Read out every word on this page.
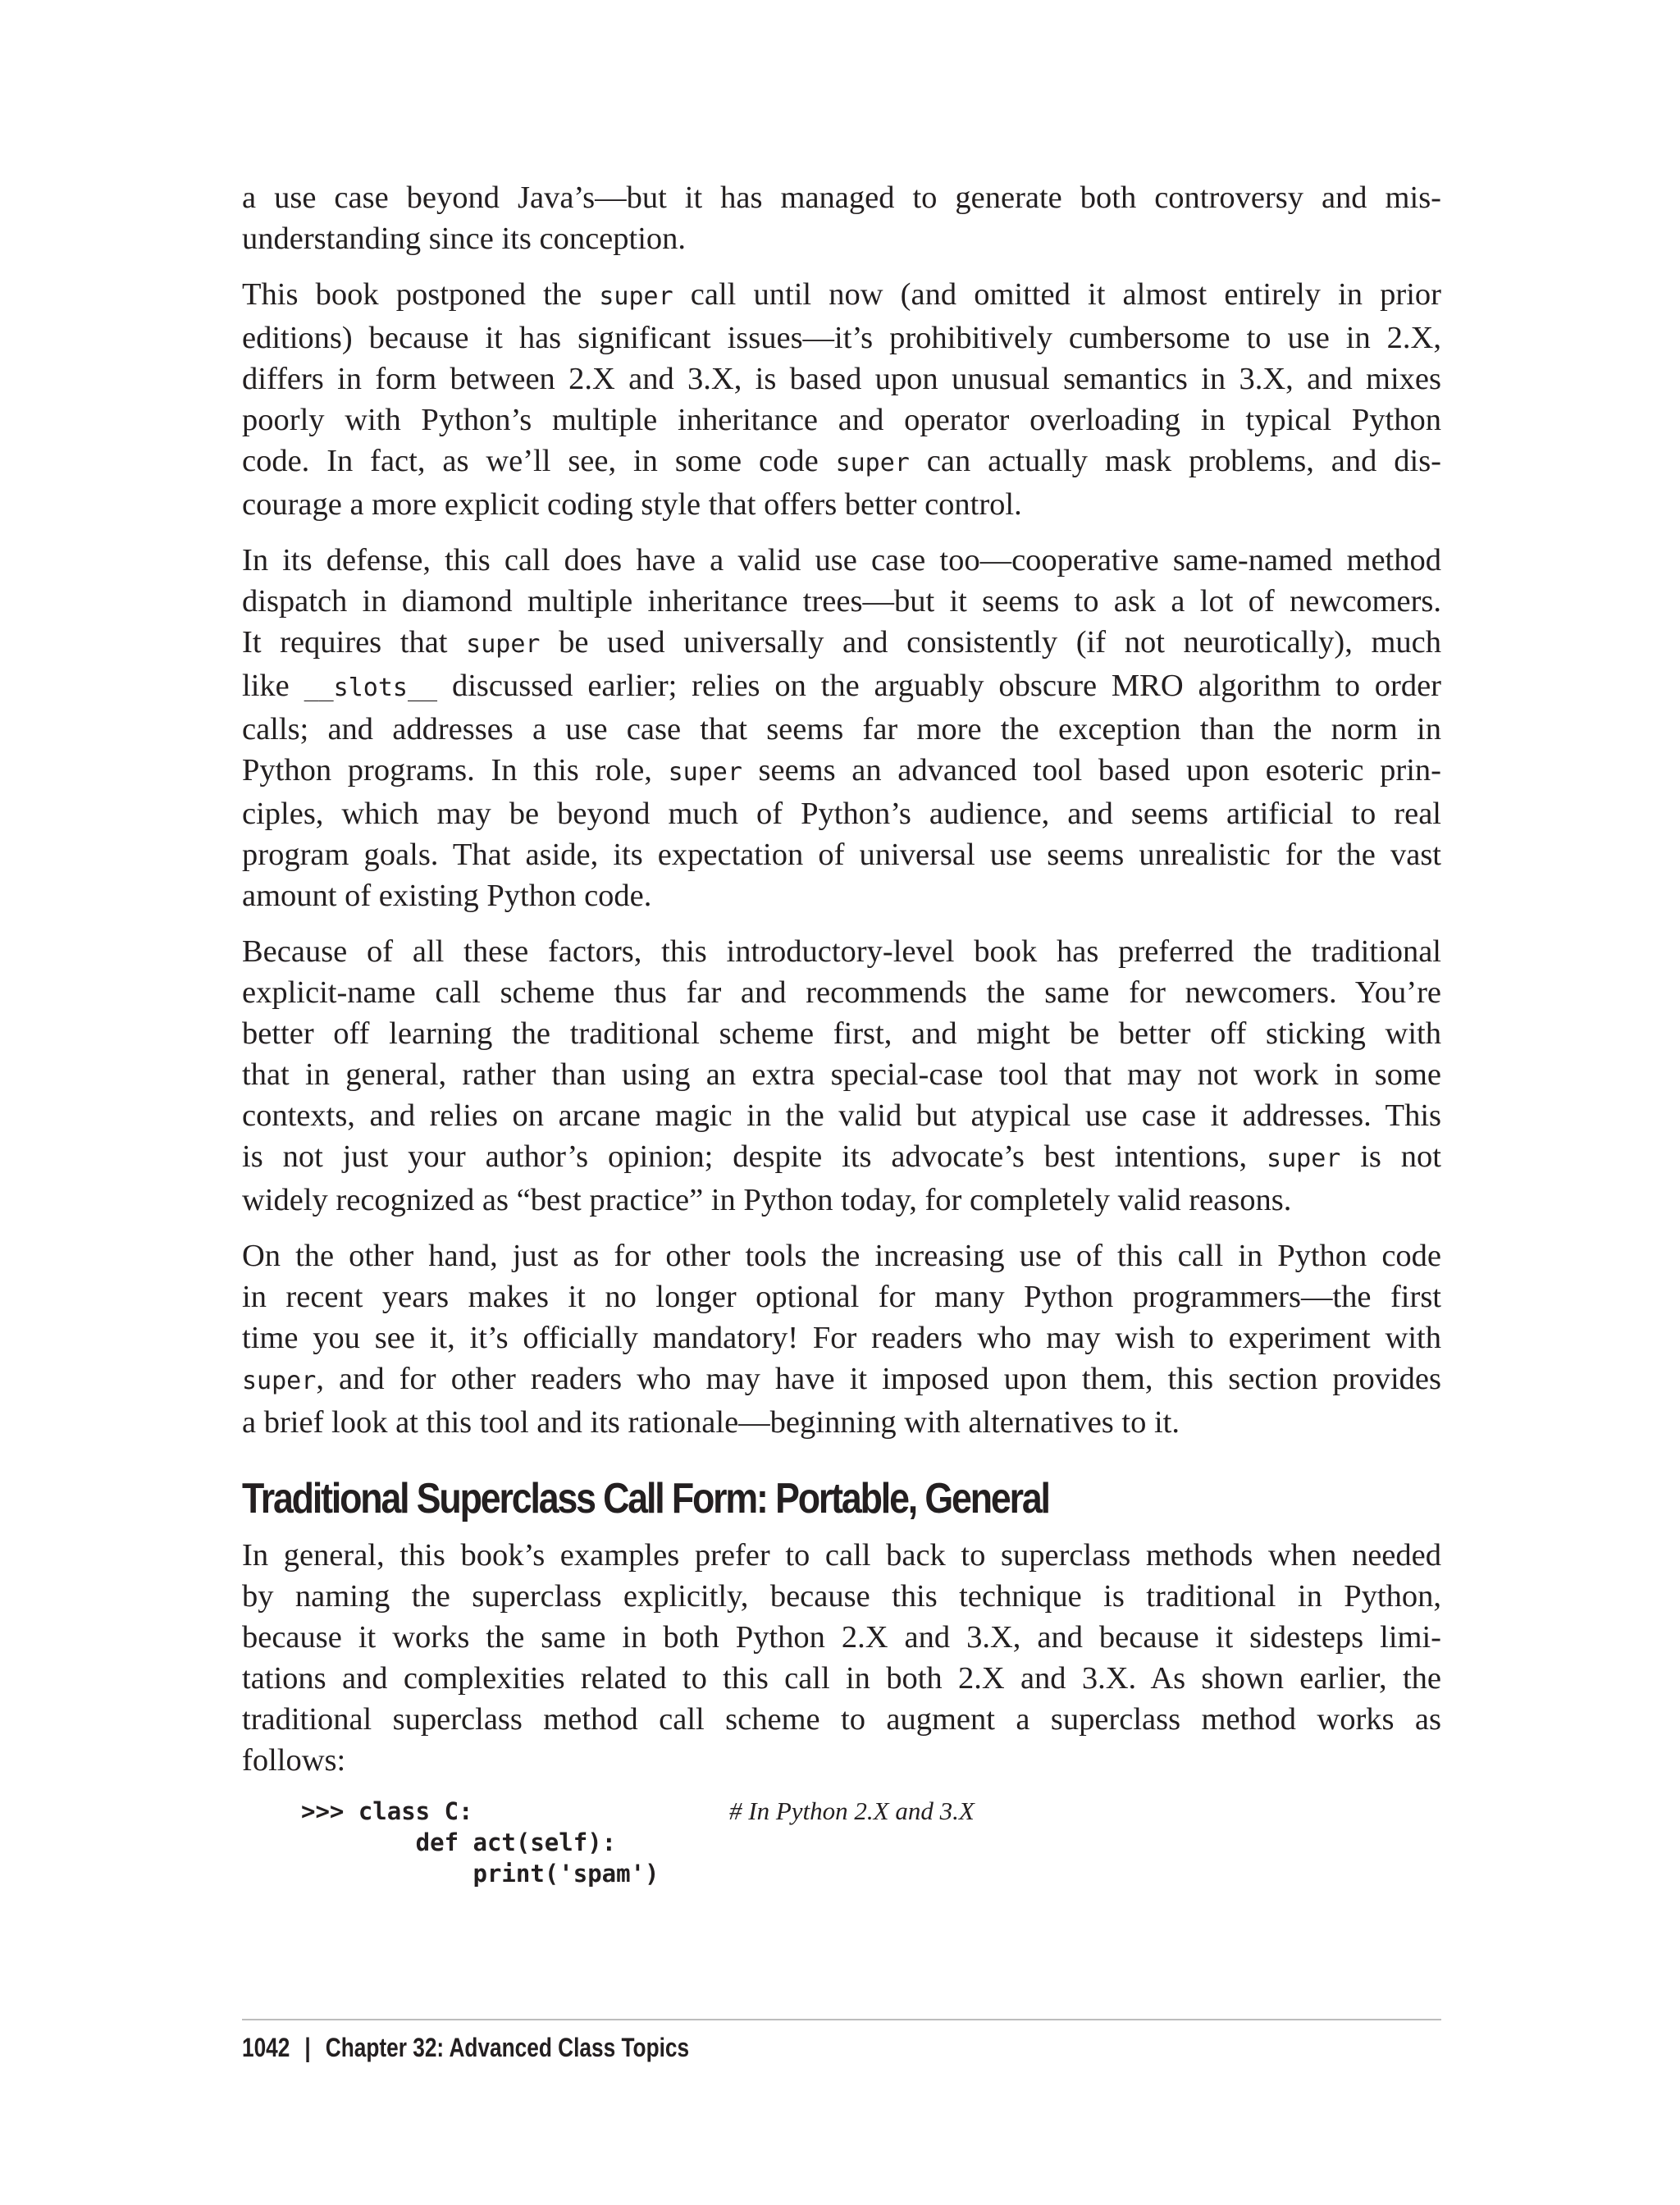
a use case beyond Java’s—but it has managed to generate both controversy and mis-
understanding since its conception.

This book postponed the super call until now (and omitted it almost entirely in prior
editions) because it has significant issues—it’s prohibitively cumbersome to use in 2.X,
differs in form between 2.X and 3.X, is based upon unusual semantics in 3.X, and mixes
poorly with Python’s multiple inheritance and operator overloading in typical Python
code. In fact, as we’ll see, in some code super can actually mask problems, and dis-
courage a more explicit coding style that offers better control.

In its defense, this call does have a valid use case too—cooperative same-named method
dispatch in diamond multiple inheritance trees—but it seems to ask a lot of newcomers.
It requires that super be used universally and consistently (if not neurotically), much
like __slots__ discussed earlier; relies on the arguably obscure MRO algorithm to order
calls; and addresses a use case that seems far more the exception than the norm in
Python programs. In this role, super seems an advanced tool based upon esoteric prin-
ciples, which may be beyond much of Python’s audience, and seems artificial to real
program goals. That aside, its expectation of universal use seems unrealistic for the vast
amount of existing Python code.

Because of all these factors, this introductory-level book has preferred the traditional
explicit-name call scheme thus far and recommends the same for newcomers. You’re
better off learning the traditional scheme first, and might be better off sticking with
that in general, rather than using an extra special-case tool that may not work in some
contexts, and relies on arcane magic in the valid but atypical use case it addresses. This
is not just your author’s opinion; despite its advocate’s best intentions, super is not
widely recognized as “best practice” in Python today, for completely valid reasons.

On the other hand, just as for other tools the increasing use of this call in Python code
in recent years makes it no longer optional for many Python programmers—the first
time you see it, it’s officially mandatory! For readers who may wish to experiment with
super, and for other readers who may have it imposed upon them, this section provides
a brief look at this tool and its rationale—beginning with alternatives to it.

Traditional Superclass Call Form: Portable, General

In general, this book’s examples prefer to call back to superclass methods when needed
by naming the superclass explicitly, because this technique is traditional in Python,
because it works the same in both Python 2.X and 3.X, and because it sidesteps limi-
tations and complexities related to this call in both 2.X and 3.X. As shown earlier, the
traditional superclass method call scheme to augment a superclass method works as
follows:

>>> class C:
def act(self):
print('spam')
# In Python 2.X and 3.X
1042 | Chapter 32: Advanced Class Topics
